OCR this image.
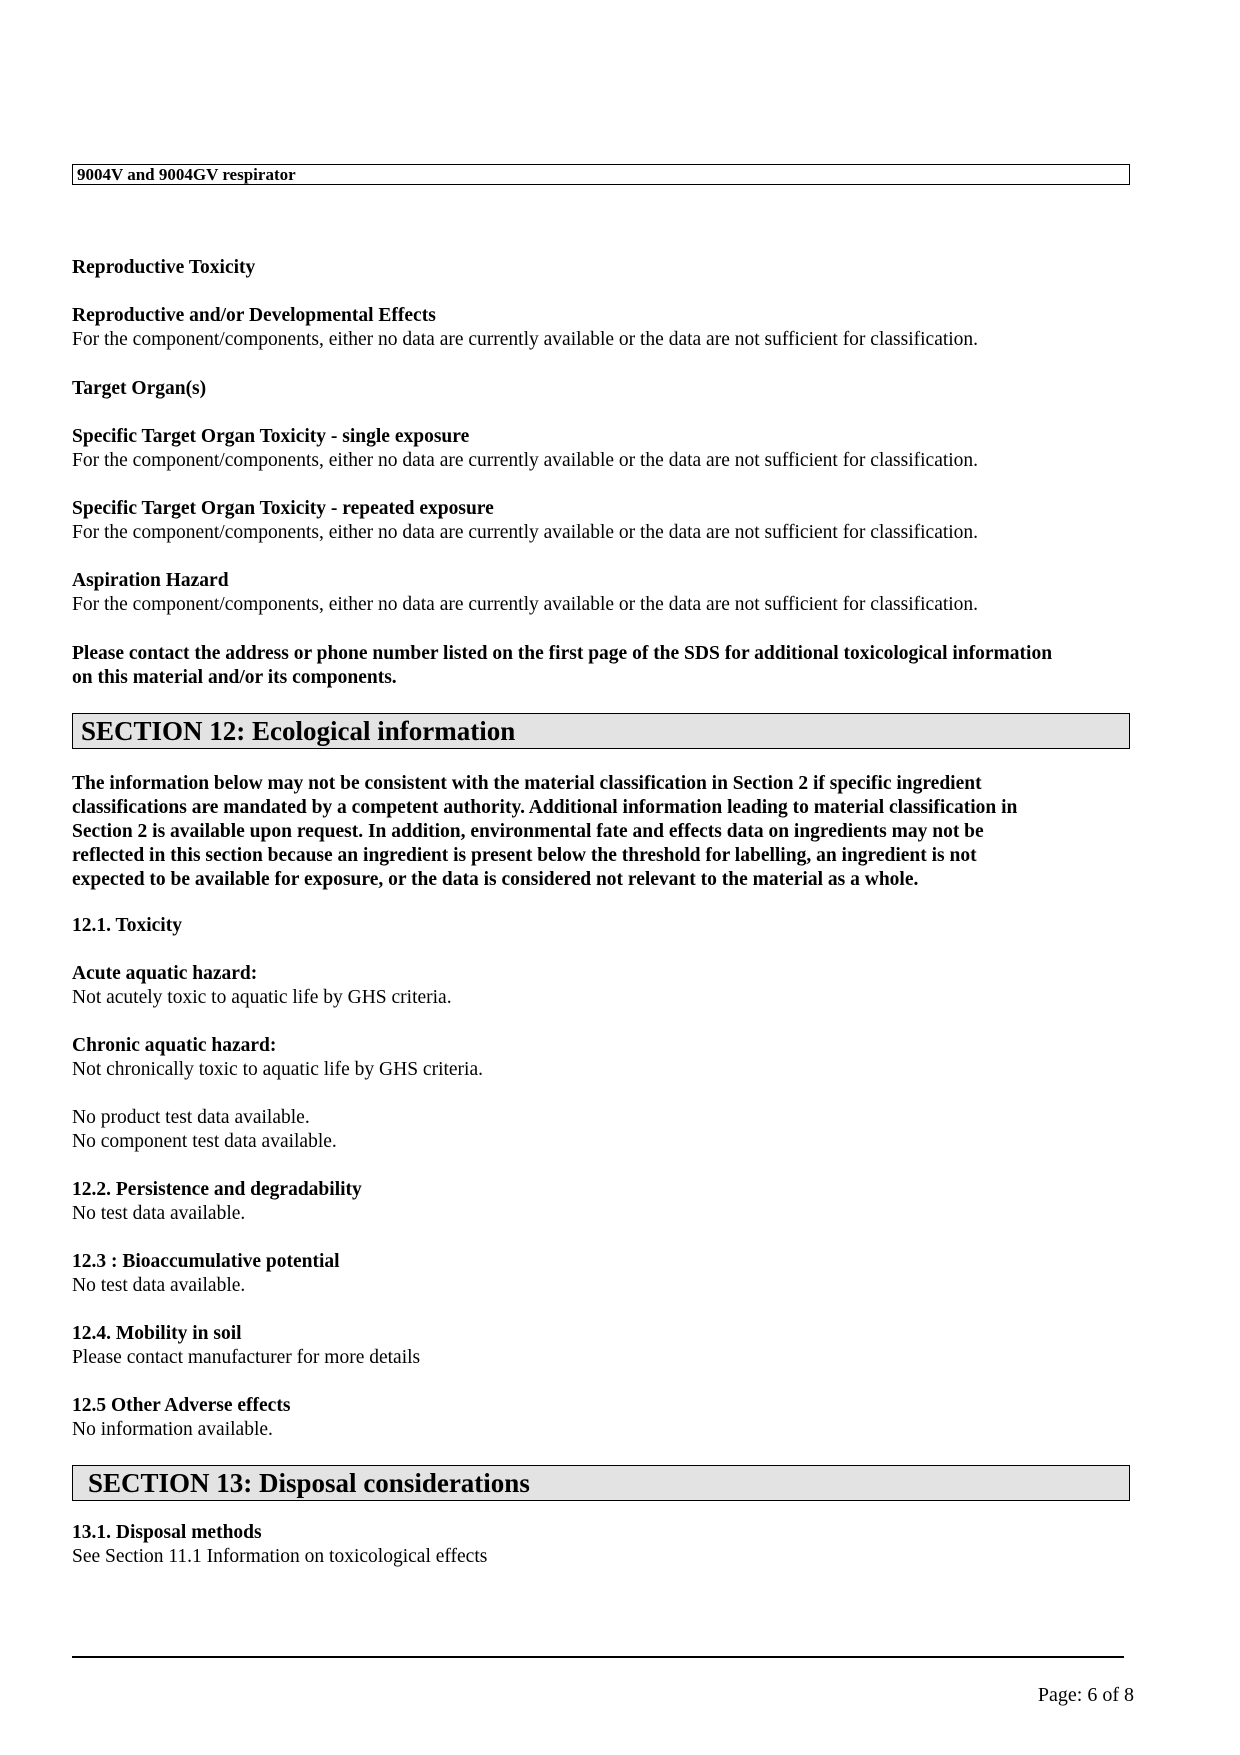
9004V and 9004GV respirator
Reproductive Toxicity
Reproductive and/or Developmental Effects
For the component/components, either no data are currently available or the data are not sufficient for classification.
Target Organ(s)
Specific Target Organ Toxicity - single exposure
For the component/components, either no data are currently available or the data are not sufficient for classification.
Specific Target Organ Toxicity - repeated exposure
For the component/components, either no data are currently available or the data are not sufficient for classification.
Aspiration Hazard
For the component/components, either no data are currently available or the data are not sufficient for classification.
Please contact the address or phone number listed on the first page of the SDS for additional toxicological information
on this material and/or its components.
SECTION 12: Ecological information
The information below may not be consistent with the material classification in Section 2 if specific ingredient
classifications are mandated by a competent authority. Additional information leading to material classification in
Section 2 is available upon request. In addition, environmental fate and effects data on ingredients may not be
reflected in this section because an ingredient is present below the threshold for labelling, an ingredient is not
expected to be available for exposure, or the data is considered not relevant to the material as a whole.
12.1. Toxicity
Acute aquatic hazard:
Not acutely toxic to aquatic life by GHS criteria.
Chronic aquatic hazard:
Not chronically toxic to aquatic life by GHS criteria.
No product test data available.
No component test data available.
12.2. Persistence and degradability
No test data available.
12.3 : Bioaccumulative potential
No test data available.
12.4. Mobility in soil
Please contact manufacturer for more details
12.5 Other Adverse effects
No information available.
SECTION 13: Disposal considerations
13.1. Disposal methods
See Section 11.1 Information on toxicological effects
Page: 6 of 8
